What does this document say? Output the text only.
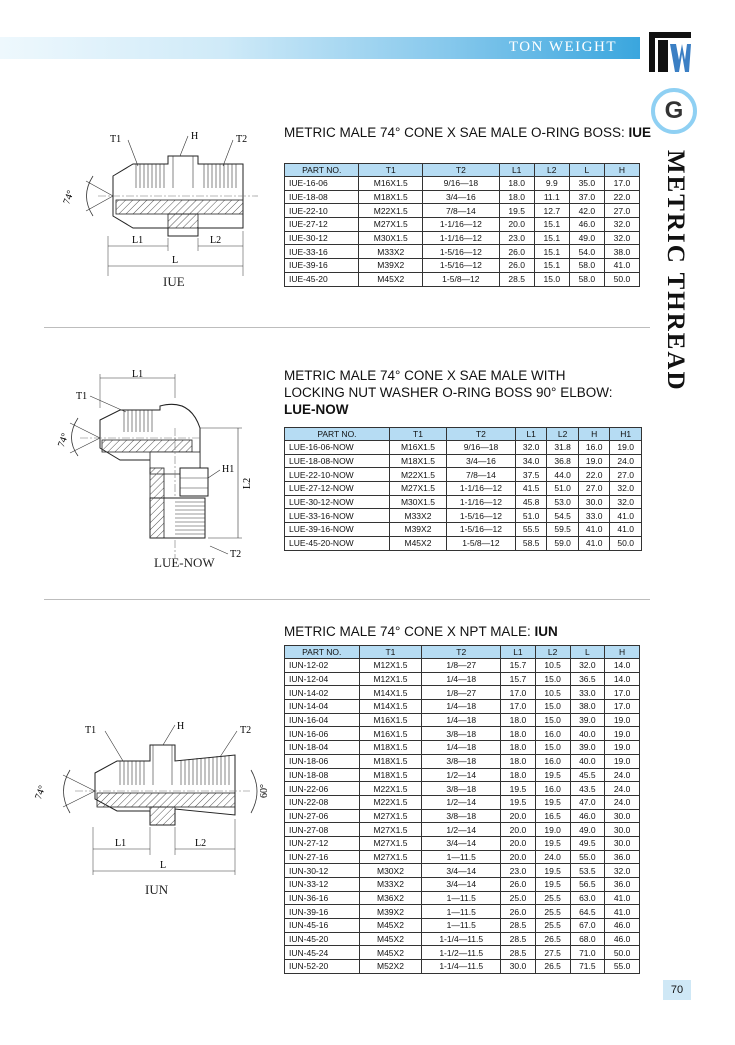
TON WEIGHT
G
METRIC THREAD
METRIC MALE 74° CONE X SAE MALE O-RING BOSS: IUE
74°
T1	H	T2
L1	L2
L
IUE
PART NO.	T1	T2	L1	L2	L	H
IUE-16-06	M16X1.5	9/16—18	18.0	9.9	35.0	17.0
IUE-18-08	M18X1.5	3/4—16	18.0	11.1	37.0	22.0
IUE-22-10	M22X1.5	7/8—14	19.5	12.7	42.0	27.0
IUE-27-12	M27X1.5	1-1/16—12	20.0	15.1	46.0	32.0
IUE-30-12	M30X1.5	1-1/16—12	23.0	15.1	49.0	32.0
IUE-33-16	M33X2	1-5/16—12	26.0	15.1	54.0	38.0
IUE-39-16	M39X2	1-5/16—12	26.0	15.1	58.0	41.0
IUE-45-20	M45X2	1-5/8—12	28.5	15.0	58.0	50.0
METRIC MALE 74° CONE X SAE MALE WITH
LOCKING NUT WASHER O-RING BOSS 90° ELBOW:
LUE-NOW
74°
L1
T1
H1
L2
T2
LUE-NOW
PART NO.	T1	T2	L1	L2	H	H1
LUE-16-06-NOW	M16X1.5	9/16—18	32.0	31.8	16.0	19.0
LUE-18-08-NOW	M18X1.5	3/4—16	34.0	36.8	19.0	24.0
LUE-22-10-NOW	M22X1.5	7/8—14	37.5	44.0	22.0	27.0
LUE-27-12-NOW	M27X1.5	1-1/16—12	41.5	51.0	27.0	32.0
LUE-30-12-NOW	M30X1.5	1-1/16—12	45.8	53.0	30.0	32.0
LUE-33-16-NOW	M33X2	1-5/16—12	51.0	54.5	33.0	41.0
LUE-39-16-NOW	M39X2	1-5/16—12	55.5	59.5	41.0	41.0
LUE-45-20-NOW	M45X2	1-5/8—12	58.5	59.0	41.0	50.0
METRIC MALE 74° CONE X NPT MALE: IUN
74°	60°
T1	H	T2
L1	L2
L
IUN
PART NO.	T1	T2	L1	L2	L	H
IUN-12-02	M12X1.5	1/8—27	15.7	10.5	32.0	14.0
IUN-12-04	M12X1.5	1/4—18	15.7	15.0	36.5	14.0
IUN-14-02	M14X1.5	1/8—27	17.0	10.5	33.0	17.0
IUN-14-04	M14X1.5	1/4—18	17.0	15.0	38.0	17.0
IUN-16-04	M16X1.5	1/4—18	18.0	15.0	39.0	19.0
IUN-16-06	M16X1.5	3/8—18	18.0	16.0	40.0	19.0
IUN-18-04	M18X1.5	1/4—18	18.0	15.0	39.0	19.0
IUN-18-06	M18X1.5	3/8—18	18.0	16.0	40.0	19.0
IUN-18-08	M18X1.5	1/2—14	18.0	19.5	45.5	24.0
IUN-22-06	M22X1.5	3/8—18	19.5	16.0	43.5	24.0
IUN-22-08	M22X1.5	1/2—14	19.5	19.5	47.0	24.0
IUN-27-06	M27X1.5	3/8—18	20.0	16.5	46.0	30.0
IUN-27-08	M27X1.5	1/2—14	20.0	19.0	49.0	30.0
IUN-27-12	M27X1.5	3/4—14	20.0	19.5	49.5	30.0
IUN-27-16	M27X1.5	1—11.5	20.0	24.0	55.0	36.0
IUN-30-12	M30X2	3/4—14	23.0	19.5	53.5	32.0
IUN-33-12	M33X2	3/4—14	26.0	19.5	56.5	36.0
IUN-36-16	M36X2	1—11.5	25.0	25.5	63.0	41.0
IUN-39-16	M39X2	1—11.5	26.0	25.5	64.5	41.0
IUN-45-16	M45X2	1—11.5	28.5	25.5	67.0	46.0
IUN-45-20	M45X2	1-1/4—11.5	28.5	26.5	68.0	46.0
IUN-45-24	M45X2	1-1/2—11.5	28.5	27.5	71.0	50.0
IUN-52-20	M52X2	1-1/4—11.5	30.0	26.5	71.5	55.0
70
